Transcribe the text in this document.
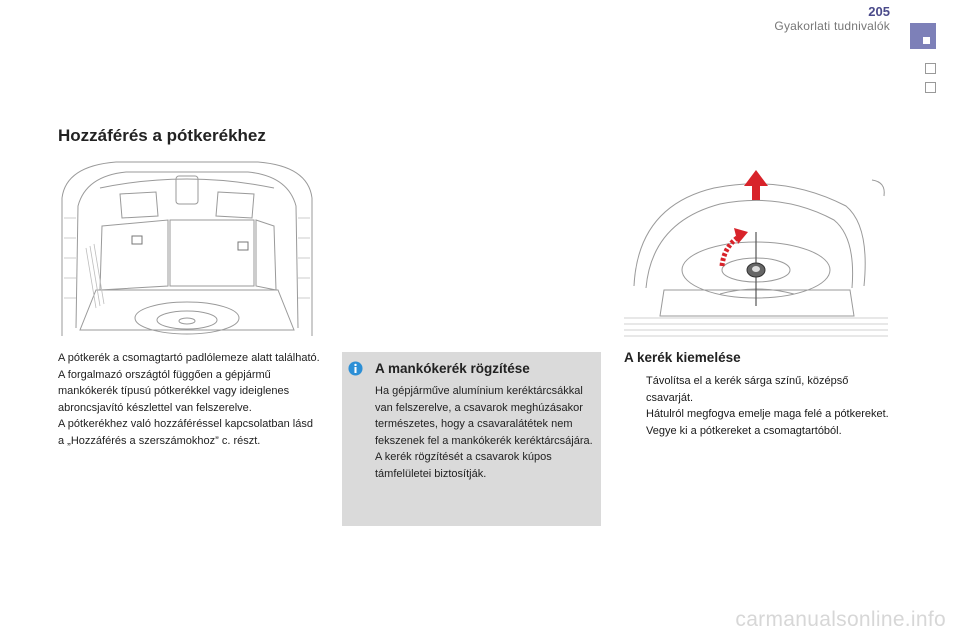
205
Gyakorlati tudnivalók
Hozzáférés a pótkerékhez

A pótkerék a csomagtartó padlólemeze alatt található.

A forgalmazó országtól függően a gépjármű mankókerék típusú pótkerékkel vagy ideiglenes abroncsjavító készlettel van felszerelve.

A pótkerékhez való hozzáféréssel kapcsolatban lásd a „Hozzáférés a szerszámokhoz” c. részt.

A mankókerék rögzítése
Ha gépjárműve alumínium keréktárcsákkal van felszerelve, a csavarok meghúzásakor természetes, hogy a csavaralátétek nem fekszenek fel a mankókerék keréktárcsájára. A kerék rögzítését a csavarok kúpos támfelületei biztosítják.
A kerék kiemelése
Távolítsa el a kerék sárga színű, középső csavarját.
Hátulról megfogva emelje maga felé a pótkereket.
Vegye ki a pótkereket a csomagtartóból.
carmanualsonline.info
